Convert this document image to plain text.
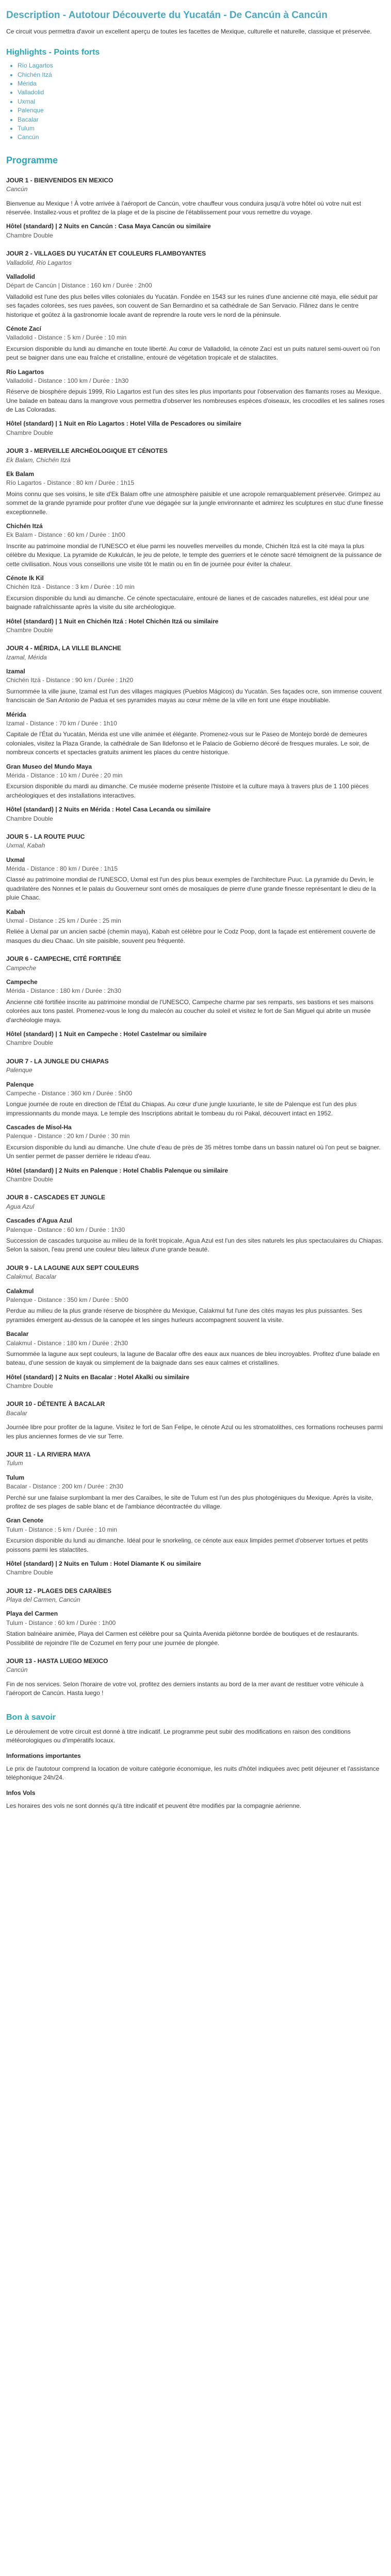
Description - Autotour Découverte du Yucatán - De Cancún à Cancún

Ce circuit vous permettra d'avoir un excellent aperçu de toutes les facettes de Mexique, culturelle et naturelle, classique et préservée.

Highlights - Points forts
• Río Lagartos
• Chichén Itzá
• Mérida
• Valladolid
• Uxmal
• Palenque
• Bacalar
• Tulum
• Cancún
Programme

JOUR 1 - BIENVENIDOS EN MEXICO

Cancún

Bienvenue au Mexique ! À votre arrivée à l'aéroport de Cancún, votre chauffeur vous conduira jusqu'à votre hôtel où votre nuit est réservée. Installez-vous et profitez de la plage et de la piscine de l'établissement pour vous remettre du voyage.

Hôtel (standard) | 2 Nuits en Cancún : Casa Maya Cancún ou similaire

Chambre Double

JOUR 2 - VILLAGES DU YUCATÁN ET COULEURS FLAMBOYANTES

Valladolid, Río Lagartos

Valladolid

Départ de Cancún | Distance : 160 km / Durée : 2h00

Valladolid est l'une des plus belles villes coloniales du Yucatán. Fondée en 1543 sur les ruines d'une ancienne cité maya, elle séduit par ses façades colorées, ses rues pavées, son couvent de San Bernardino et sa cathédrale de San Servacio. Flânez dans le centre historique et goûtez à la gastronomie locale avant de reprendre la route vers le nord de la péninsule.

Cénote Zací

Valladolid - Distance : 5 km / Durée : 10 min

Excursion disponible du lundi au dimanche en toute liberté. Au cœur de Valladolid, la cénote Zací est un puits naturel semi-ouvert où l'on peut se baigner dans une eau fraîche et cristalline, entouré de végétation tropicale et de stalactites.

Río Lagartos

Valladolid - Distance : 100 km / Durée : 1h30

Réserve de biosphère depuis 1999, Río Lagartos est l'un des sites les plus importants pour l'observation des flamants roses au Mexique. Une balade en bateau dans la mangrove vous permettra d'observer les nombreuses espèces d'oiseaux, les crocodiles et les salines roses de Las Coloradas.

Hôtel (standard) | 1 Nuit en Río Lagartos : Hotel Villa de Pescadores ou similaire

Chambre Double

JOUR 3 - MERVEILLE ARCHÉOLOGIQUE ET CÉNOTES

Ek Balam, Chichén Itzá

Ek Balam

Río Lagartos - Distance : 80 km / Durée : 1h15

Moins connu que ses voisins, le site d'Ek Balam offre une atmosphère paisible et une acropole remarquablement préservée. Grimpez au sommet de la grande pyramide pour profiter d'une vue dégagée sur la jungle environnante et admirez les sculptures en stuc d'une finesse exceptionnelle.

Chichén Itzá

Ek Balam - Distance : 60 km / Durée : 1h00

Inscrite au patrimoine mondial de l'UNESCO et élue parmi les nouvelles merveilles du monde, Chichén Itzá est la cité maya la plus célèbre du Mexique. La pyramide de Kukulcán, le jeu de pelote, le temple des guerriers et le cénote sacré témoignent de la puissance de cette civilisation. Nous vous conseillons une visite tôt le matin ou en fin de journée pour éviter la chaleur.

Cénote Ik Kil

Chichén Itzá - Distance : 3 km / Durée : 10 min

Excursion disponible du lundi au dimanche. Ce cénote spectaculaire, entouré de lianes et de cascades naturelles, est idéal pour une baignade rafraîchissante après la visite du site archéologique.

Hôtel (standard) | 1 Nuit en Chichén Itzá : Hotel Chichén Itzá ou similaire

Chambre Double

JOUR 4 - MÉRIDA, LA VILLE BLANCHE

Izamal, Mérida

Izamal

Chichén Itzá - Distance : 90 km / Durée : 1h20

Surnommée la ville jaune, Izamal est l'un des villages magiques (Pueblos Mágicos) du Yucatán. Ses façades ocre, son immense couvent franciscain de San Antonio de Padua et ses pyramides mayas au cœur même de la ville en font une étape inoubliable.

Mérida

Izamal - Distance : 70 km / Durée : 1h10

Capitale de l'État du Yucatán, Mérida est une ville animée et élégante. Promenez-vous sur le Paseo de Montejo bordé de demeures coloniales, visitez la Plaza Grande, la cathédrale de San Ildefonso et le Palacio de Gobierno décoré de fresques murales. Le soir, de nombreux concerts et spectacles gratuits animent les places du centre historique.

Gran Museo del Mundo Maya

Mérida - Distance : 10 km / Durée : 20 min

Excursion disponible du mardi au dimanche. Ce musée moderne présente l'histoire et la culture maya à travers plus de 1 100 pièces archéologiques et des installations interactives.

Hôtel (standard) | 2 Nuits en Mérida : Hotel Casa Lecanda ou similaire

Chambre Double

JOUR 5 - LA ROUTE PUUC

Uxmal, Kabah

Uxmal

Mérida - Distance : 80 km / Durée : 1h15

Classé au patrimoine mondial de l'UNESCO, Uxmal est l'un des plus beaux exemples de l'architecture Puuc. La pyramide du Devin, le quadrilatère des Nonnes et le palais du Gouverneur sont ornés de mosaïques de pierre d'une grande finesse représentant le dieu de la pluie Chaac.

Kabah

Uxmal - Distance : 25 km / Durée : 25 min

Reliée à Uxmal par un ancien sacbé (chemin maya), Kabah est célèbre pour le Codz Poop, dont la façade est entièrement couverte de masques du dieu Chaac. Un site paisible, souvent peu fréquenté.

JOUR 6 - CAMPECHE, CITÉ FORTIFIÉE

Campeche

Campeche

Mérida - Distance : 180 km / Durée : 2h30

Ancienne cité fortifiée inscrite au patrimoine mondial de l'UNESCO, Campeche charme par ses remparts, ses bastions et ses maisons colorées aux tons pastel. Promenez-vous le long du malecón au coucher du soleil et visitez le fort de San Miguel qui abrite un musée d'archéologie maya.

Hôtel (standard) | 1 Nuit en Campeche : Hotel Castelmar ou similaire

Chambre Double

JOUR 7 - LA JUNGLE DU CHIAPAS

Palenque

Palenque

Campeche - Distance : 360 km / Durée : 5h00

Longue journée de route en direction de l'État du Chiapas. Au cœur d'une jungle luxuriante, le site de Palenque est l'un des plus impressionnants du monde maya. Le temple des Inscriptions abritait le tombeau du roi Pakal, découvert intact en 1952.

Cascades de Misol-Ha

Palenque - Distance : 20 km / Durée : 30 min

Excursion disponible du lundi au dimanche. Une chute d'eau de près de 35 mètres tombe dans un bassin naturel où l'on peut se baigner. Un sentier permet de passer derrière le rideau d'eau.

Hôtel (standard) | 2 Nuits en Palenque : Hotel Chablis Palenque ou similaire

Chambre Double

JOUR 8 - CASCADES ET JUNGLE

Agua Azul

Cascades d'Agua Azul

Palenque - Distance : 60 km / Durée : 1h30

Succession de cascades turquoise au milieu de la forêt tropicale, Agua Azul est l'un des sites naturels les plus spectaculaires du Chiapas. Selon la saison, l'eau prend une couleur bleu laiteux d'une grande beauté.

JOUR 9 - LA LAGUNE AUX SEPT COULEURS

Calakmul, Bacalar

Calakmul

Palenque - Distance : 350 km / Durée : 5h00

Perdue au milieu de la plus grande réserve de biosphère du Mexique, Calakmul fut l'une des cités mayas les plus puissantes. Ses pyramides émergent au-dessus de la canopée et les singes hurleurs accompagnent souvent la visite.

Bacalar

Calakmul - Distance : 180 km / Durée : 2h30

Surnommée la lagune aux sept couleurs, la lagune de Bacalar offre des eaux aux nuances de bleu incroyables. Profitez d'une balade en bateau, d'une session de kayak ou simplement de la baignade dans ses eaux calmes et cristallines.

Hôtel (standard) | 2 Nuits en Bacalar : Hotel Akalki ou similaire

Chambre Double

JOUR 10 - DÉTENTE À BACALAR

Bacalar

Journée libre pour profiter de la lagune. Visitez le fort de San Felipe, le cénote Azul ou les stromatolithes, ces formations rocheuses parmi les plus anciennes formes de vie sur Terre.

JOUR 11 - LA RIVIERA MAYA

Tulum

Tulum

Bacalar - Distance : 200 km / Durée : 2h30

Perché sur une falaise surplombant la mer des Caraïbes, le site de Tulum est l'un des plus photogéniques du Mexique. Après la visite, profitez de ses plages de sable blanc et de l'ambiance décontractée du village.

Gran Cenote

Tulum - Distance : 5 km / Durée : 10 min

Excursion disponible du lundi au dimanche. Idéal pour le snorkeling, ce cénote aux eaux limpides permet d'observer tortues et petits poissons parmi les stalactites.

Hôtel (standard) | 2 Nuits en Tulum : Hotel Diamante K ou similaire

Chambre Double

JOUR 12 - PLAGES DES CARAÏBES

Playa del Carmen, Cancún

Playa del Carmen

Tulum - Distance : 60 km / Durée : 1h00

Station balnéaire animée, Playa del Carmen est célèbre pour sa Quinta Avenida piétonne bordée de boutiques et de restaurants. Possibilité de rejoindre l'île de Cozumel en ferry pour une journée de plongée.

JOUR 13 - HASTA LUEGO MEXICO

Cancún

Fin de nos services. Selon l'horaire de votre vol, profitez des derniers instants au bord de la mer avant de restituer votre véhicule à l'aéroport de Cancún. Hasta luego !

Bon à savoir

Le déroulement de votre circuit est donné à titre indicatif. Le programme peut subir des modifications en raison des conditions météorologiques ou d'impératifs locaux.

Informations importantes

Le prix de l'autotour comprend la location de voiture catégorie économique, les nuits d'hôtel indiquées avec petit déjeuner et l'assistance téléphonique 24h/24.

Infos Vols

Les horaires des vols ne sont donnés qu'à titre indicatif et peuvent être modifiés par la compagnie aérienne.
